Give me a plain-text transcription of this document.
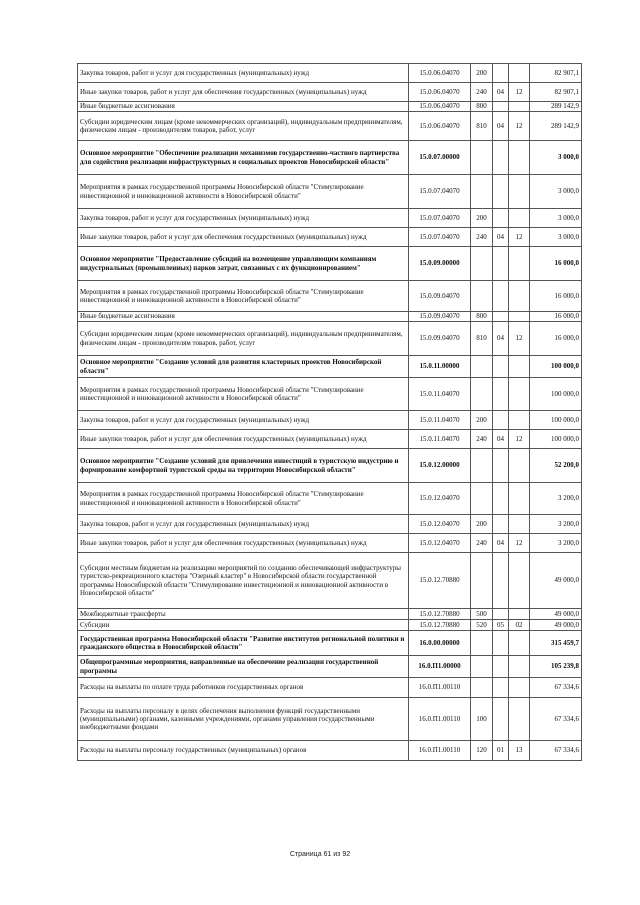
Закупка товаров, работ и услуг для государственных (муниципальных) нужд	15.0.06.04070	200			82 907,1
Иные закупки товаров, работ и услуг для обеспечения государственных (муниципальных) нужд	15.0.06.04070	240	04	12	82 907,1
Иные бюджетные ассигнования	15.0.06.04070	800			289 142,9
Субсидии юридическим лицам (кроме некоммерческих организаций), индивидуальным предпринимателям, физическим лицам - производителям товаров, работ, услуг	15.0.06.04070	810	04	12	289 142,9
Основное мероприятие "Обеспечение реализации механизмов государственно-частного партнерства для содействия реализации инфраструктурных и социальных проектов Новосибирской области"	15.0.07.00000				3 000,0
Мероприятия в рамках государственной программы Новосибирской области "Стимулирование инвестиционной и инновационной активности в Новосибирской области"	15.0.07.04070				3 000,0
Закупка товаров, работ и услуг для государственных (муниципальных) нужд	15.0.07.04070	200			3 000,0
Иные закупки товаров, работ и услуг для обеспечения государственных (муниципальных) нужд	15.0.07.04070	240	04	12	3 000,0
Основное мероприятие "Предоставление субсидий на возмещение управляющим компаниям индустриальных (промышленных) парков затрат, связанных с их функционированием"	15.0.09.00000				16 000,0
Мероприятия в рамках государственной программы Новосибирской области "Стимулирование инвестиционной и инновационной активности в Новосибирской области"	15.0.09.04070				16 000,0
Иные бюджетные ассигнования	15.0.09.04070	800			16 000,0
Субсидии юридическим лицам (кроме некоммерческих организаций), индивидуальным предпринимателям, физическим лицам - производителям товаров, работ, услуг	15.0.09.04070	810	04	12	16 000,0
Основное мероприятие "Создание условий для развития кластерных проектов Новосибирской области"	15.0.11.00000				100 000,0
Мероприятия в рамках государственной программы Новосибирской области "Стимулирование инвестиционной и инновационной активности в Новосибирской области"	15.0.11.04070				100 000,0
Закупка товаров, работ и услуг для государственных (муниципальных) нужд	15.0.11.04070	200			100 000,0
Иные закупки товаров, работ и услуг для обеспечения государственных (муниципальных) нужд	15.0.11.04070	240	04	12	100 000,0
Основное мероприятие "Создание условий для привлечения инвестиций в туристскую индустрию и формирование комфортной туристской среды на территории Новосибирской области"	15.0.12.00000				52 200,0
Мероприятия в рамках государственной программы Новосибирской области "Стимулирование инвестиционной и инновационной активности в Новосибирской области"	15.0.12.04070				3 200,0
Закупка товаров, работ и услуг для государственных (муниципальных) нужд	15.0.12.04070	200			3 200,0
Иные закупки товаров, работ и услуг для обеспечения государственных (муниципальных) нужд	15.0.12.04070	240	04	12	3 200,0
Субсидии местным бюджетам на реализацию мероприятий по созданию обеспечивающей инфраструктуры туристско-рекреационного кластера "Озерный кластер" в Новосибирской области государственной программы Новосибирской области "Стимулирование инвестиционной и инновационной активности в Новосибирской области"	15.0.12.70880				49 000,0
Межбюджетные трансферты	15.0.12.70880	500			49 000,0
Субсидии	15.0.12.70880	520	05	02	49 000,0
Государственная программа Новосибирской области "Развитие институтов региональной политики и гражданского общества в Новосибирской области"	16.0.00.00000				315 459,7
Общепрограммные мероприятия, направленные на обеспечение реализации государственной программы	16.0.П1.00000				105 239,8
Расходы на выплаты по оплате труда работников государственных органов	16.0.П1.00110				67 334,6
Расходы на выплаты персоналу в целях обеспечения выполнения функций государственными (муниципальными) органами, казенными учреждениями, органами управления государственными внебюджетными фондами	16.0.П1.00110	100			67 334,6
Расходы на выплаты персоналу государственных (муниципальных) органов	16.0.П1.00110	120	01	13	67 334,6
Страница 61 из 92
